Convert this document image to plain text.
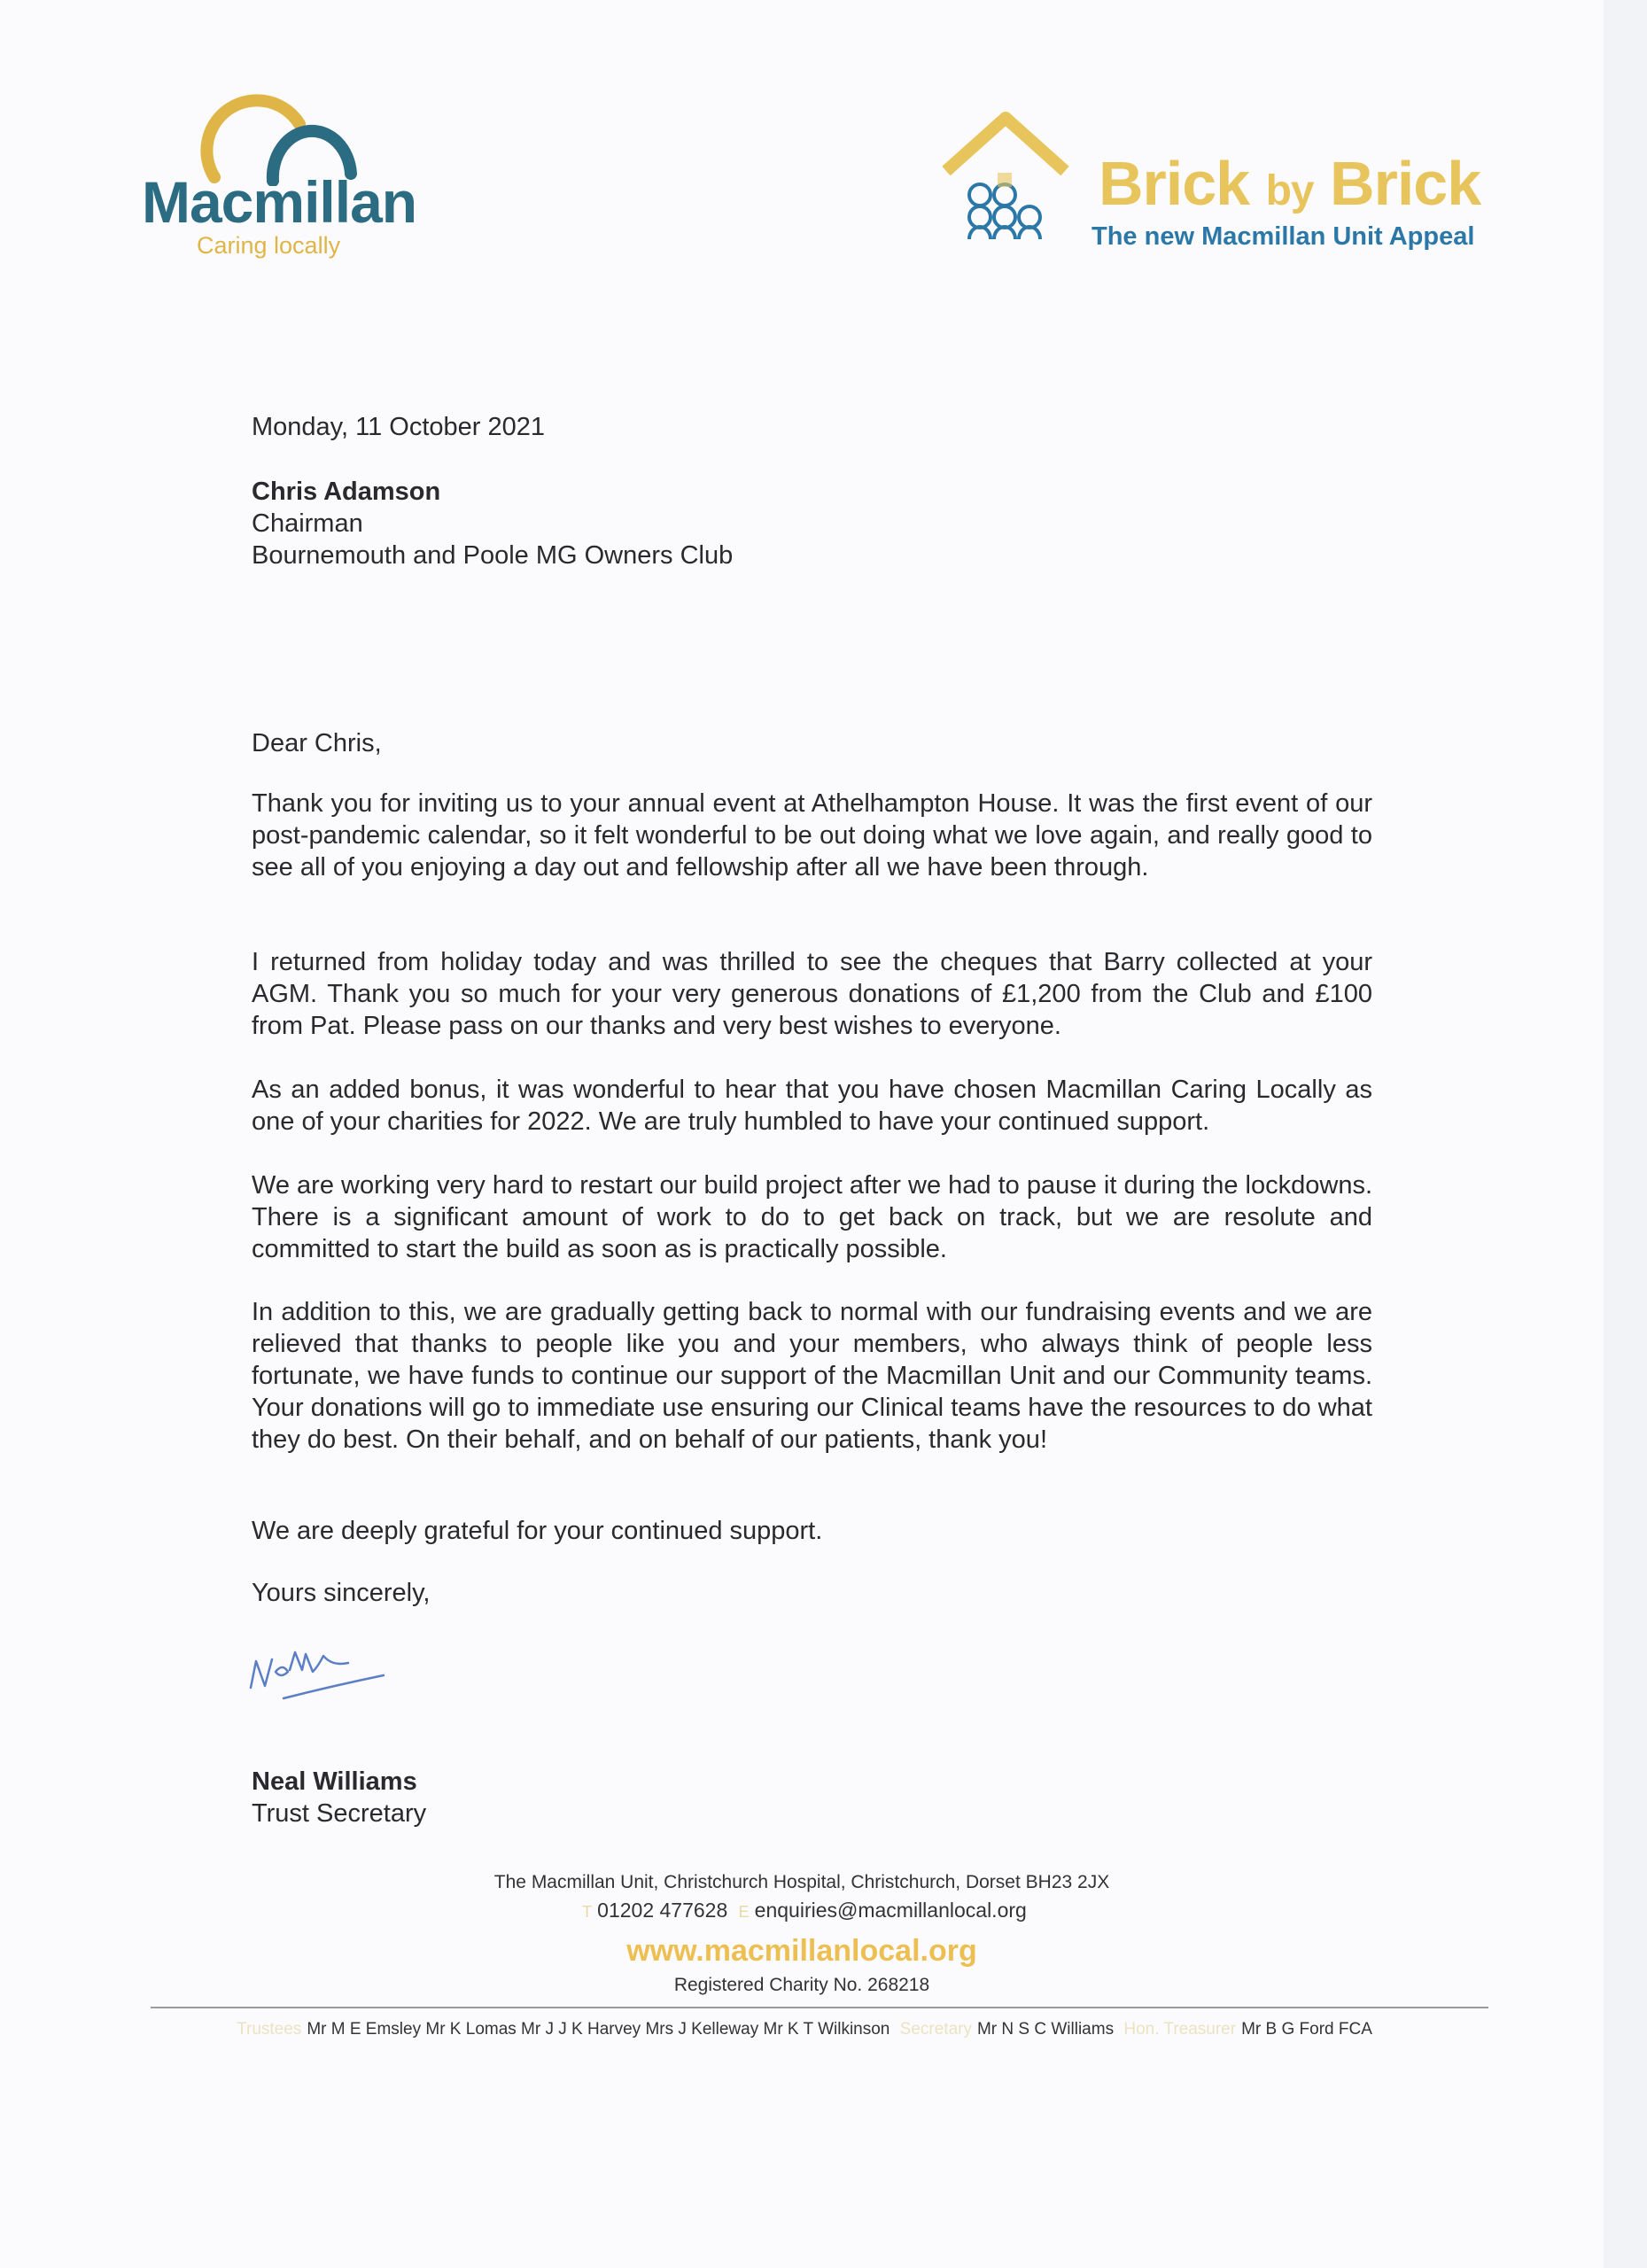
Macmillan
Caring locally
Brick by Brick
The new Macmillan Unit Appeal
Monday, 11 October 2021
Chris Adamson
Chairman
Bournemouth and Poole MG Owners Club
Dear Chris,
Thank you for inviting us to your annual event at Athelhampton House. It was the first event of our post-pandemic calendar, so it felt wonderful to be out doing what we love again, and really good to see all of you enjoying a day out and fellowship after all we have been through.
I returned from holiday today and was thrilled to see the cheques that Barry collected at your AGM. Thank you so much for your very generous donations of £1,200 from the Club and £100 from Pat. Please pass on our thanks and very best wishes to everyone.
As an added bonus, it was wonderful to hear that you have chosen Macmillan Caring Locally as one of your charities for 2022. We are truly humbled to have your continued support.
We are working very hard to restart our build project after we had to pause it during the lockdowns. There is a significant amount of work to do to get back on track, but we are resolute and committed to start the build as soon as is practically possible.
In addition to this, we are gradually getting back to normal with our fundraising events and we are relieved that thanks to people like you and your members, who always think of people less fortunate, we have funds to continue our support of the Macmillan Unit and our Community teams. Your donations will go to immediate use ensuring our Clinical teams have the resources to do what they do best. On their behalf, and on behalf of our patients, thank you!
We are deeply grateful for your continued support.
Yours sincerely,
Neal Williams
Trust Secretary
The Macmillan Unit, Christchurch Hospital, Christchurch, Dorset BH23 2JX
T 01202 477628 E enquiries@macmillanlocal.org
www.macmillanlocal.org
Registered Charity No. 268218
Trustees Mr M E Emsley Mr K Lomas Mr J J K Harvey Mrs J Kelleway Mr K T Wilkinson Secretary Mr N S C Williams Hon. Treasurer Mr B G Ford FCA
